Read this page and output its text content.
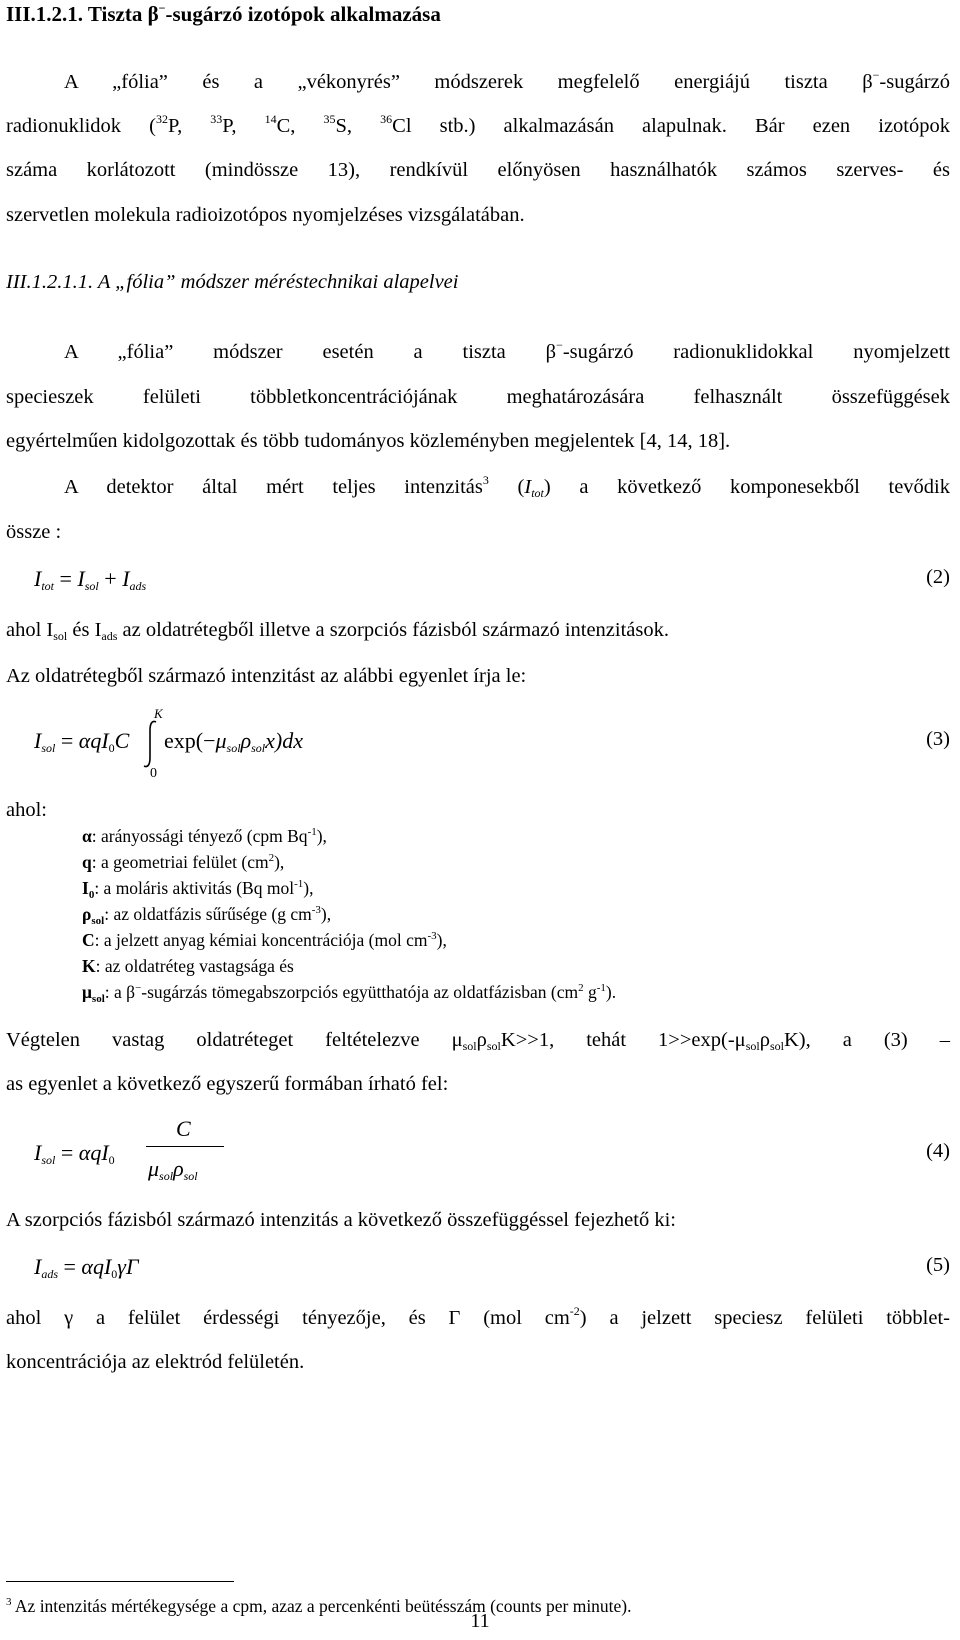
III.1.2.1. Tiszta β−-sugárzó izotópok alkalmazása
A „fólia” és a „vékonyrés” módszerek megfelelő energiájú tiszta β−-sugárzó
radionuklidok ($^{32}$P, $^{33}$P, $^{14}$C, $^{35}$S, $^{36}$Cl stb.) alkalmazásán alapulnak. Bár ezen izotópok
száma korlátozott (mindössze 13), rendkívül előnyösen használhatók számos szerves- és
szervetlen molekula radioizotópos nyomjelzéses vizsgálatában.
III.1.2.1.1. A „fólia” módszer méréstechnikai alapelvei
A „fólia” módszer esetén a tiszta β−-sugárzó radionuklidokkal nyomjelzett
specieszek felületi többletkoncentrációjának meghatározására felhasznált összefüggések
egyértelműen kidolgozottak és több tudományos közleményben megjelentek [4, 14, 18].
A detektor által mért teljes intenzitás$^3$ $(I_{tot})$ a következő komponesekből tevődik
össze :
$I_{tot} = I_{sol} + I_{ads}$	(2)
ahol $I_{sol}$ és $I_{ads}$ az oldatrétegből illetve a szorpciós fázisból származó intenzitások.
Az oldatrétegből származó intenzitást az alábbi egyenlet írja le:
K
0
$I_{sol} = \alpha qI_0C$	$\exp(-\mu_{sol}\rho_{sol}x)dx$	(3)
ahol:
α: arányossági tényező (cpm $Bq^{-1}$),
q: a geometriai felület $(cm^2)$,
$I_0$: a moláris aktivitás (Bq mol$^{-1}$),
$\rho_{sol}$: az oldatfázis sűrűsége (g $cm^{-3}$),
C: a jelzett anyag kémiai koncentrációja (mol $cm^{-3}$),
K: az oldatréteg vastagsága és
$\mu_{sol}$: a β−-sugárzás tömegabszorpciós együtthatója az oldatfázisban ($cm^2$ $g^{-1}$).
Végtelen vastag oldatréteget feltételezve $\mu_{sol}\rho_{sol}K>>1$, tehát $1>>\exp(-\mu_{sol}\rho_{sol}K)$, a (3) –
as egyenlet a következő egyszerű formában írható fel:
$I_{sol} = \alpha qI_0$
C
$\mu_{sol}\rho_{sol}$
(4)
A szorpciós fázisból származó intenzitás a következő összefüggéssel fejezhető ki:
$I_{ads} = \alpha qI_0\gamma\Gamma$	(5)
ahol γ a felület érdességi tényezője, és Γ (mol $cm^{-2}$) a jelzett speciesz felületi többlet-
koncentrációja az elektród felületén.
$^3$ Az intenzitás mértékegysége a cpm, azaz a percenkénti beütésszám (counts per minute).
11
